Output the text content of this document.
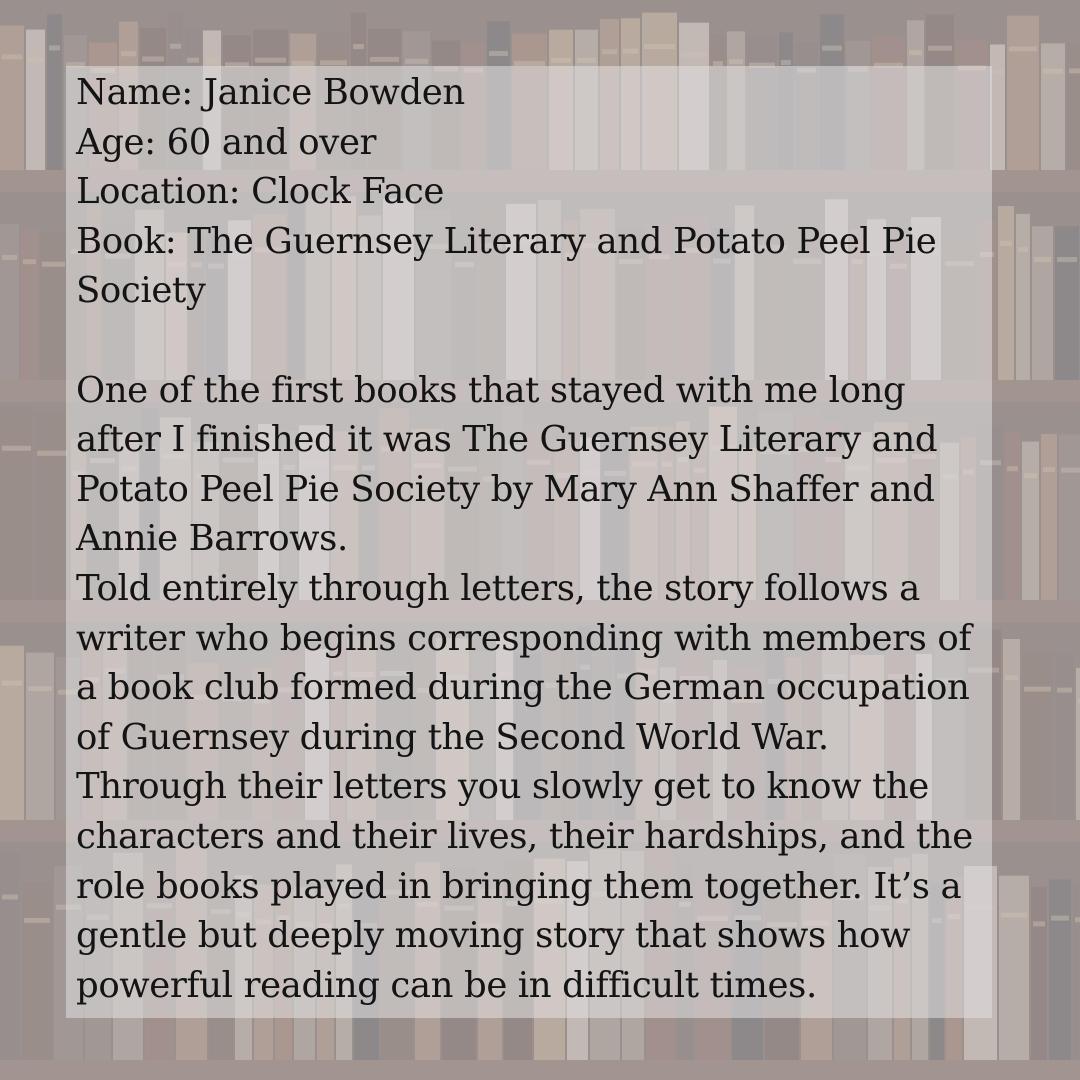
Name: Janice Bowden

Age: 60 and over

Location: Clock Face

Book: The Guernsey Literary and Potato Peel Pie Society

One of the first books that stayed with me long after I finished it was The Guernsey Literary and Potato Peel Pie Society by Mary Ann Shaffer and Annie Barrows.

Told entirely through letters, the story follows a writer who begins corresponding with members of a book club formed during the German occupation of Guernsey during the Second World War.

Through their letters you slowly get to know the characters and their lives, their hardships, and the role books played in bringing them together. It’s a gentle but deeply moving story that shows how powerful reading can be in difficult times.
